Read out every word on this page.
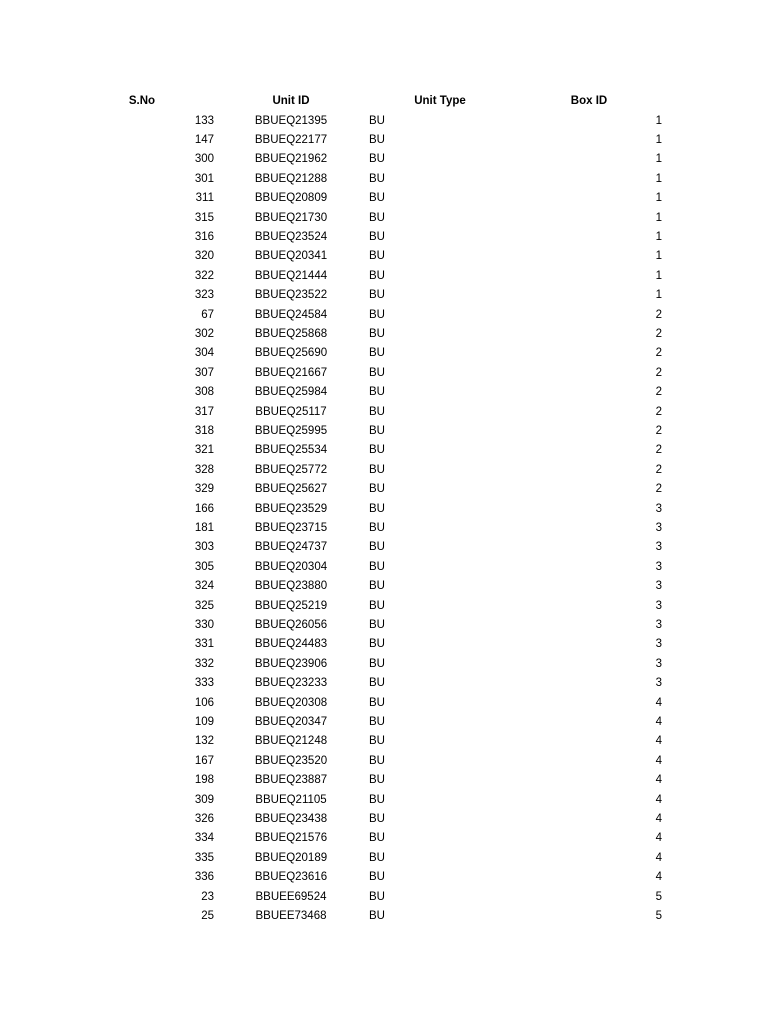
S.No	Unit ID	Unit Type	Box ID
133	BBUEQ21395	BU	1
147	BBUEQ22177	BU	1
300	BBUEQ21962	BU	1
301	BBUEQ21288	BU	1
311	BBUEQ20809	BU	1
315	BBUEQ21730	BU	1
316	BBUEQ23524	BU	1
320	BBUEQ20341	BU	1
322	BBUEQ21444	BU	1
323	BBUEQ23522	BU	1
67	BBUEQ24584	BU	2
302	BBUEQ25868	BU	2
304	BBUEQ25690	BU	2
307	BBUEQ21667	BU	2
308	BBUEQ25984	BU	2
317	BBUEQ25117	BU	2
318	BBUEQ25995	BU	2
321	BBUEQ25534	BU	2
328	BBUEQ25772	BU	2
329	BBUEQ25627	BU	2
166	BBUEQ23529	BU	3
181	BBUEQ23715	BU	3
303	BBUEQ24737	BU	3
305	BBUEQ20304	BU	3
324	BBUEQ23880	BU	3
325	BBUEQ25219	BU	3
330	BBUEQ26056	BU	3
331	BBUEQ24483	BU	3
332	BBUEQ23906	BU	3
333	BBUEQ23233	BU	3
106	BBUEQ20308	BU	4
109	BBUEQ20347	BU	4
132	BBUEQ21248	BU	4
167	BBUEQ23520	BU	4
198	BBUEQ23887	BU	4
309	BBUEQ21105	BU	4
326	BBUEQ23438	BU	4
334	BBUEQ21576	BU	4
335	BBUEQ20189	BU	4
336	BBUEQ23616	BU	4
23	BBUEE69524	BU	5
25	BBUEE73468	BU	5
